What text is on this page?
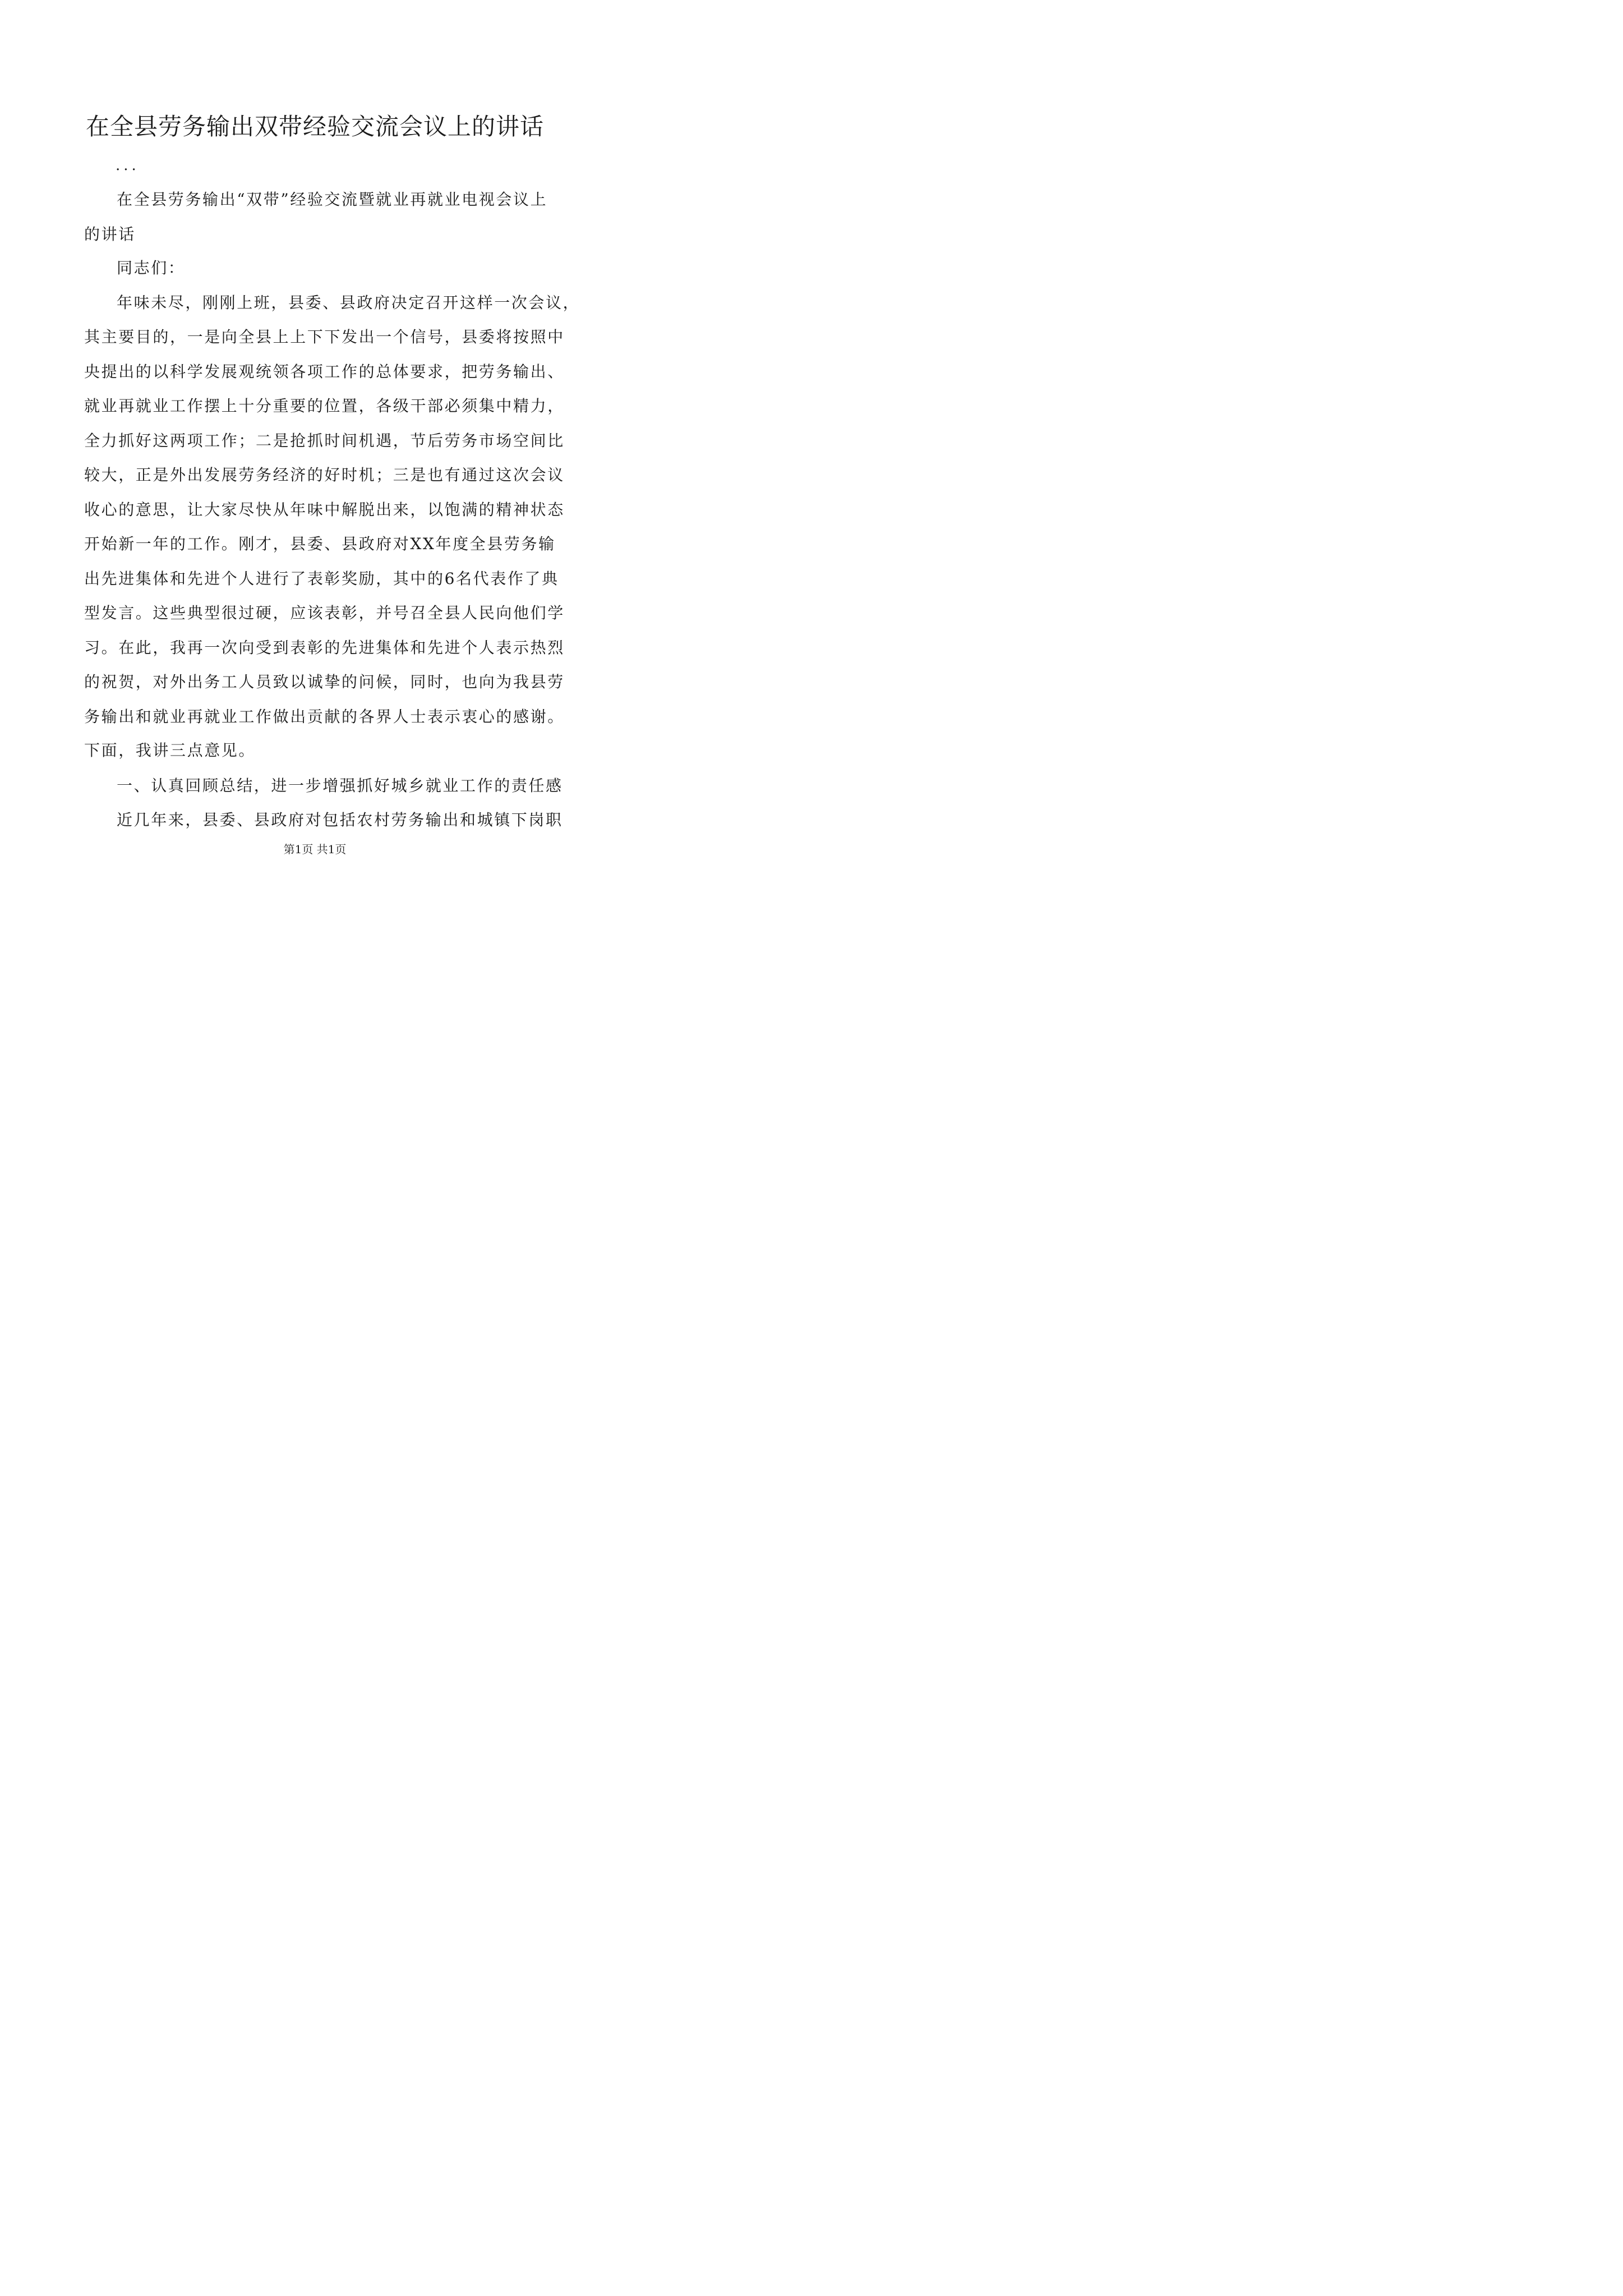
在全县劳务输出双带经验交流会议上的讲话
...
在全县劳务输出“双带”经验交流暨就业再就业电视会议上
的讲话
同志们：
年味未尽，刚刚上班，县委、县政府决定召开这样一次会议，
其主要目的，一是向全县上上下下发出一个信号，县委将按照中
央提出的以科学发展观统领各项工作的总体要求，把劳务输出、
就业再就业工作摆上十分重要的位置，各级干部必须集中精力，
全力抓好这两项工作；二是抢抓时间机遇，节后劳务市场空间比
较大，正是外出发展劳务经济的好时机；三是也有通过这次会议
收心的意思，让大家尽快从年味中解脱出来，以饱满的精神状态
开始新一年的工作。刚才，县委、县政府对XX年度全县劳务输
出先进集体和先进个人进行了表彰奖励，其中的6名代表作了典
型发言。这些典型很过硬，应该表彰，并号召全县人民向他们学
习。在此，我再一次向受到表彰的先进集体和先进个人表示热烈
的祝贺，对外出务工人员致以诚挚的问候，同时，也向为我县劳
务输出和就业再就业工作做出贡献的各界人士表示衷心的感谢。
下面，我讲三点意见。
一、认真回顾总结，进一步增强抓好城乡就业工作的责任感
近几年来，县委、县政府对包括农村劳务输出和城镇下岗职
第1页 共1页
